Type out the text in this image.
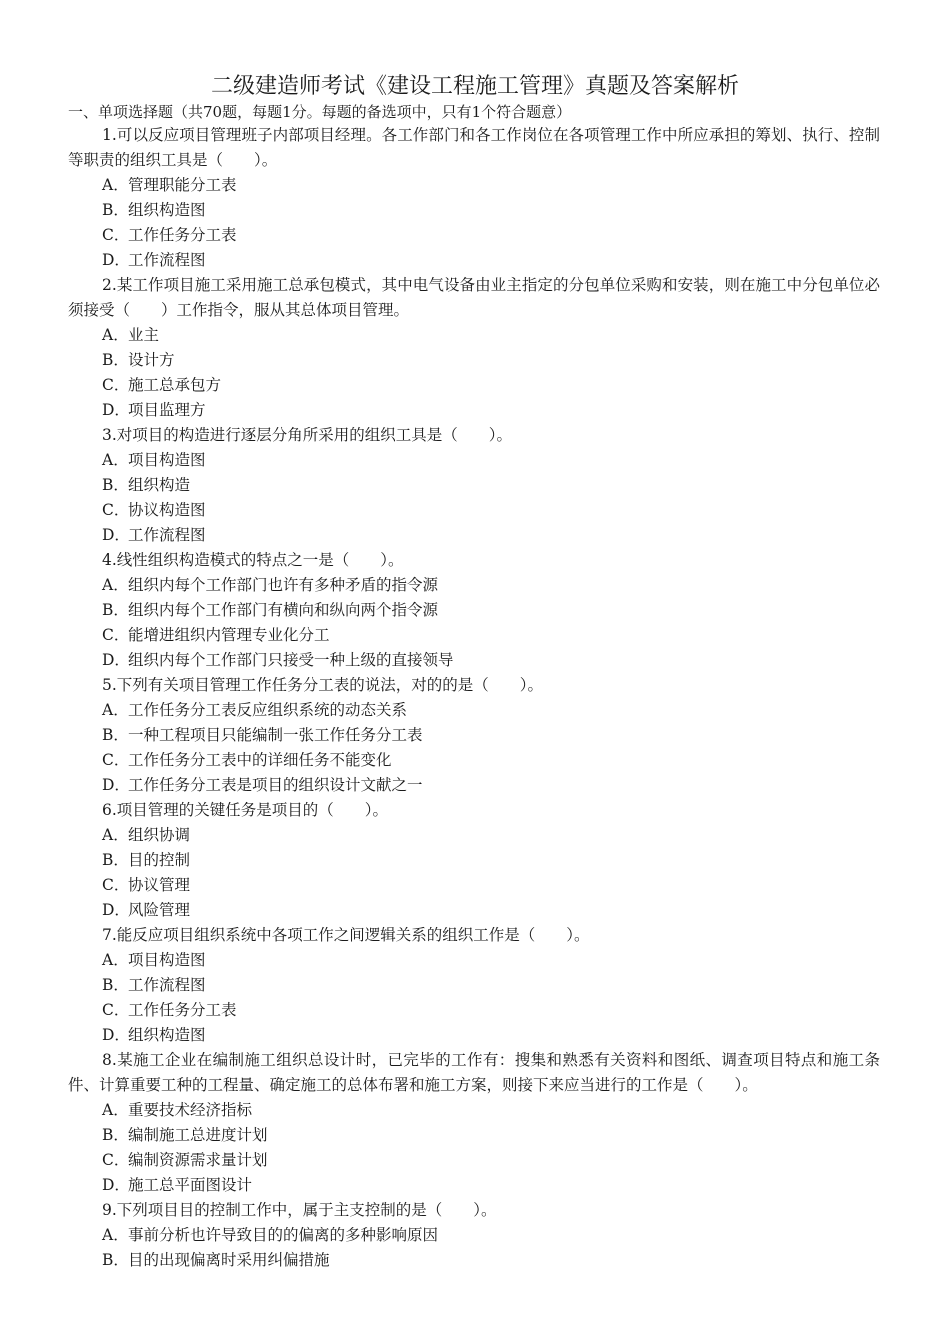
二级建造师考试《建设工程施工管理》真题及答案解析
一、单项选择题（共70题，每题1分。每题的备选项中，只有1个符合题意）
1.可以反应项目管理班子内部项目经理。各工作部门和各工作岗位在各项管理工作中所应承担的筹划、执行、控制等职责的组织工具是（　　）。
A．管理职能分工表
B．组织构造图
C．工作任务分工表
D．工作流程图
2.某工作项目施工采用施工总承包模式，其中电气设备由业主指定的分包单位采购和安装，则在施工中分包单位必须接受（　　）工作指令，服从其总体项目管理。
A．业主
B．设计方
C．施工总承包方
D．项目监理方
3.对项目的构造进行逐层分角所采用的组织工具是（　　）。
A．项目构造图
B．组织构造
C．协议构造图
D．工作流程图
4.线性组织构造模式的特点之一是（　　）。
A．组织内每个工作部门也许有多种矛盾的指令源
B．组织内每个工作部门有横向和纵向两个指令源
C．能增进组织内管理专业化分工
D．组织内每个工作部门只接受一种上级的直接领导
5.下列有关项目管理工作任务分工表的说法，对的的是（　　）。
A．工作任务分工表反应组织系统的动态关系
B．一种工程项目只能编制一张工作任务分工表
C．工作任务分工表中的详细任务不能变化
D．工作任务分工表是项目的组织设计文献之一
6.项目管理的关键任务是项目的（　　）。
A．组织协调
B．目的控制
C．协议管理
D．风险管理
7.能反应项目组织系统中各项工作之间逻辑关系的组织工作是（　　）。
A．项目构造图
B．工作流程图
C．工作任务分工表
D．组织构造图
8.某施工企业在编制施工组织总设计时，已完毕的工作有：搜集和熟悉有关资料和图纸、调查项目特点和施工条件、计算重要工种的工程量、确定施工的总体布署和施工方案，则接下来应当进行的工作是（　　）。
A．重要技术经济指标
B．编制施工总进度计划
C．编制资源需求量计划
D．施工总平面图设计
9.下列项目目的控制工作中，属于主支控制的是（　　）。
A．事前分析也许导致目的的偏离的多种影响原因
B．目的出现偏离时采用纠偏措施
